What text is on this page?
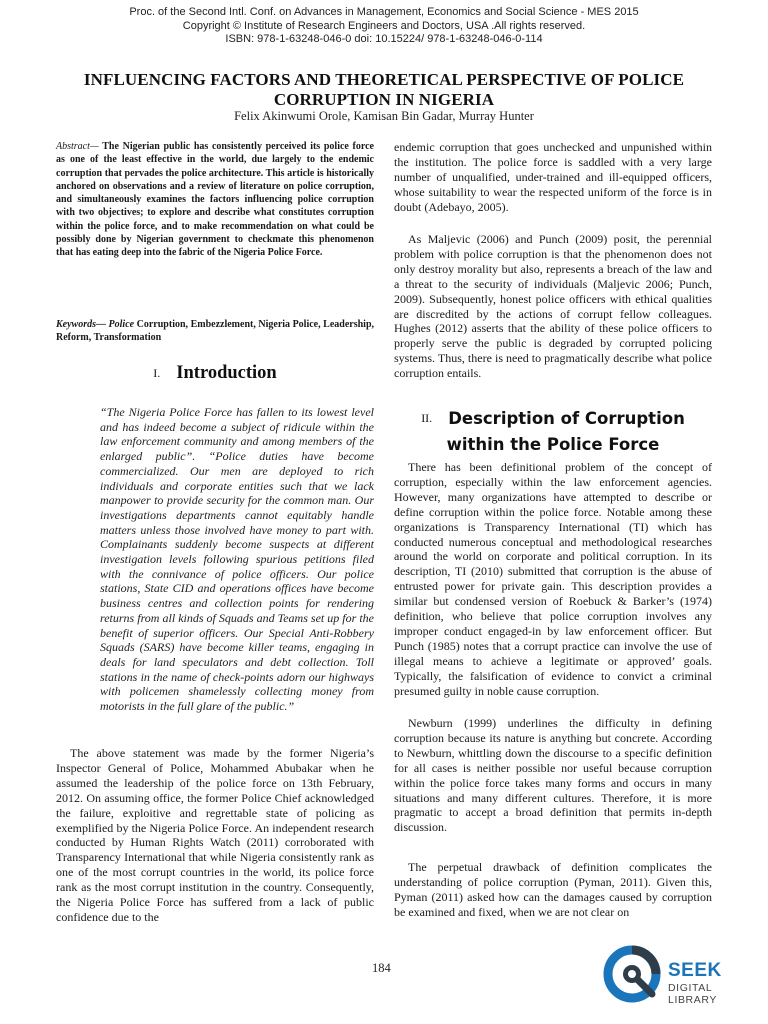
Proc. of the Second Intl. Conf. on Advances in Management, Economics and Social Science - MES 2015
Copyright © Institute of Research Engineers and Doctors, USA .All rights reserved.
ISBN: 978-1-63248-046-0 doi: 10.15224/ 978-1-63248-046-0-114
INFLUENCING FACTORS AND THEORETICAL PERSPECTIVE OF POLICE
CORRUPTION IN NIGERIA
Felix Akinwumi Orole, Kamisan Bin Gadar, Murray Hunter
Abstract— The Nigerian public has consistently perceived its police force as one of the least effective in the world, due largely to the endemic corruption that pervades the police architecture. This article is historically anchored on observations and a review of literature on police corruption, and simultaneously examines the factors influencing police corruption with two objectives; to explore and describe what constitutes corruption within the police force, and to make recommendation on what could be possibly done by Nigerian government to checkmate this phenomenon that has eating deep into the fabric of the Nigeria Police Force.
Keywords— Police Corruption, Embezzlement, Nigeria Police, Leadership, Reform, Transformation
I. Introduction
“The Nigeria Police Force has fallen to its lowest level and has indeed become a subject of ridicule within the law enforcement community and among members of the enlarged public”. “Police duties have become commercialized. Our men are deployed to rich individuals and corporate entities such that we lack manpower to provide security for the common man. Our investigations departments cannot equitably handle matters unless those involved have money to part with. Complainants suddenly become suspects at different investigation levels following spurious petitions filed with the connivance of police officers. Our police stations, State CID and operations offices have become business centres and collection points for rendering returns from all kinds of Squads and Teams set up for the benefit of superior officers. Our Special Anti-Robbery Squads (SARS) have become killer teams, engaging in deals for land speculators and debt collection. Toll stations in the name of check-points adorn our highways with policemen shamelessly collecting money from motorists in the full glare of the public.”
The above statement was made by the former Nigeria’s Inspector General of Police, Mohammed Abubakar when he assumed the leadership of the police force on 13th February, 2012. On assuming office, the former Police Chief acknowledged the failure, exploitive and regrettable state of policing as exemplified by the Nigeria Police Force. An independent research conducted by Human Rights Watch (2011) corroborated with Transparency International that while Nigeria consistently rank as one of the most corrupt countries in the world, its police force rank as the most corrupt institution in the country. Consequently, the Nigeria Police Force has suffered from a lack of public confidence due to the
endemic corruption that goes unchecked and unpunished within the institution. The police force is saddled with a very large number of unqualified, under-trained and ill-equipped officers, whose suitability to wear the respected uniform of the force is in doubt (Adebayo, 2005).
As Maljevic (2006) and Punch (2009) posit, the perennial problem with police corruption is that the phenomenon does not only destroy morality but also, represents a breach of the law and a threat to the security of individuals (Maljevic 2006; Punch, 2009). Subsequently, honest police officers with ethical qualities are discredited by the actions of corrupt fellow colleagues. Hughes (2012) asserts that the ability of these police officers to properly serve the public is degraded by corrupted policing systems. Thus, there is need to pragmatically describe what police corruption entails.
II. Description of Corruption
within the Police Force
There has been definitional problem of the concept of corruption, especially within the law enforcement agencies. However, many organizations have attempted to describe or define corruption within the police force. Notable among these organizations is Transparency International (TI) which has conducted numerous conceptual and methodological researches around the world on corporate and political corruption. In its description, TI (2010) submitted that corruption is the abuse of entrusted power for private gain. This description provides a similar but condensed version of Roebuck & Barker’s (1974) definition, who believe that police corruption involves any improper conduct engaged-in by law enforcement officer. But Punch (1985) notes that a corrupt practice can involve the use of illegal means to achieve a legitimate or approved’ goals. Typically, the falsification of evidence to convict a criminal presumed guilty in noble cause corruption.
Newburn (1999) underlines the difficulty in defining corruption because its nature is anything but concrete. According to Newburn, whittling down the discourse to a specific definition for all cases is neither possible nor useful because corruption within the police force takes many forms and occurs in many situations and many different cultures. Therefore, it is more pragmatic to accept a broad definition that permits in-depth discussion.
The perpetual drawback of definition complicates the understanding of police corruption (Pyman, 2011). Given this, Pyman (2011) asked how can the damages caused by corruption be examined and fixed, when we are not clear on
184	SEEK
DIGITAL LIBRARY
